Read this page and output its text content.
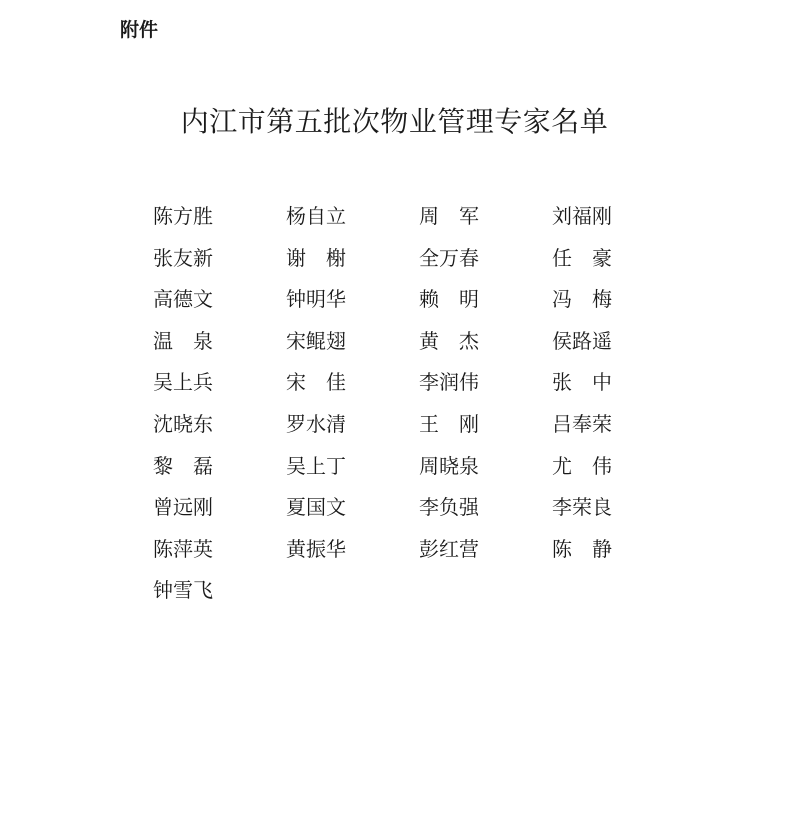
附件
内江市第五批次物业管理专家名单
陈方胜	杨自立	周　军	刘福刚
张友新	谢　榭	全万春	任　豪
高德文	钟明华	赖　明	冯　梅
温　泉	宋鲲翅	黄　杰	侯路遥
吴上兵	宋　佳	李润伟	张　中
沈晓东	罗水清	王　刚	吕奉荣
黎　磊	吴上丁	周晓泉	尤　伟
曾远刚	夏国文	李负强	李荣良
陈萍英	黄振华	彭红营	陈　静
钟雪飞
